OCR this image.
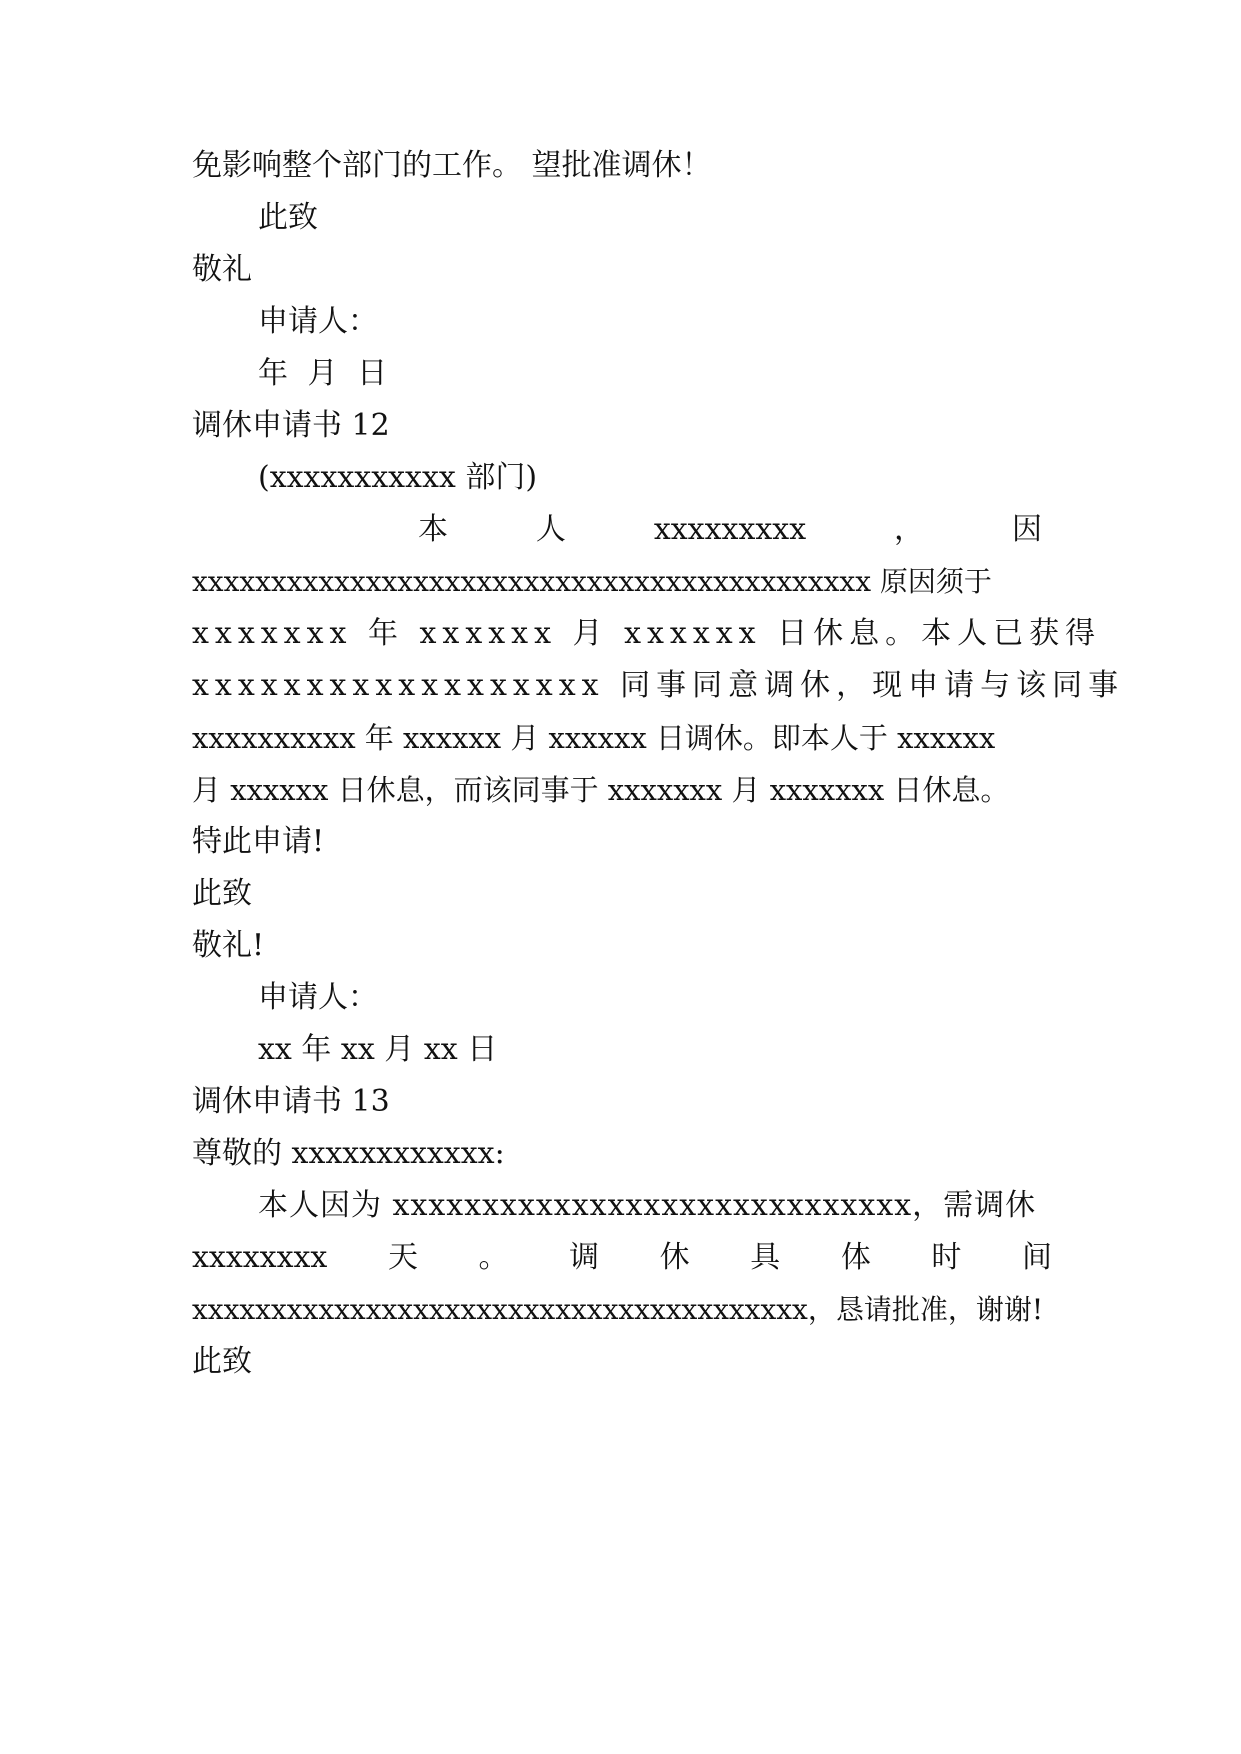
免影响整个部门的工作。 望批准调休！
此致
敬礼
申请人：
年 月 日
调休申请书 12
(xxxxxxxxxxx 部门)
本	人	xxxxxxxxx	，	因
xxxxxxxxxxxxxxxxxxxxxxxxxxxxxxxxxxxxxxxxxxx 原因须于
xxxxxxx 年 xxxxxx 月 xxxxxx 日休息。本人已获得
xxxxxxxxxxxxxxxxxx 同事同意调休，现申请与该同事
xxxxxxxxxx 年 xxxxxx 月 xxxxxx 日调休。即本人于 xxxxxx
月 xxxxxx 日休息，而该同事于 xxxxxxx 月 xxxxxxx 日休息。
特此申请!
此致
敬礼!
申请人：
xx 年 xx 月 xx 日
调休申请书 13
尊敬的 xxxxxxxxxxxx:
本人因为 xxxxxxxxxxxxxxxxxxxxxxxxxxxxx，需调休
xxxxxxxx 天 。 调 休 具 体 时 间
xxxxxxxxxxxxxxxxxxxxxxxxxxxxxxxxxxxxxxx，恳请批准，谢谢!
此致
